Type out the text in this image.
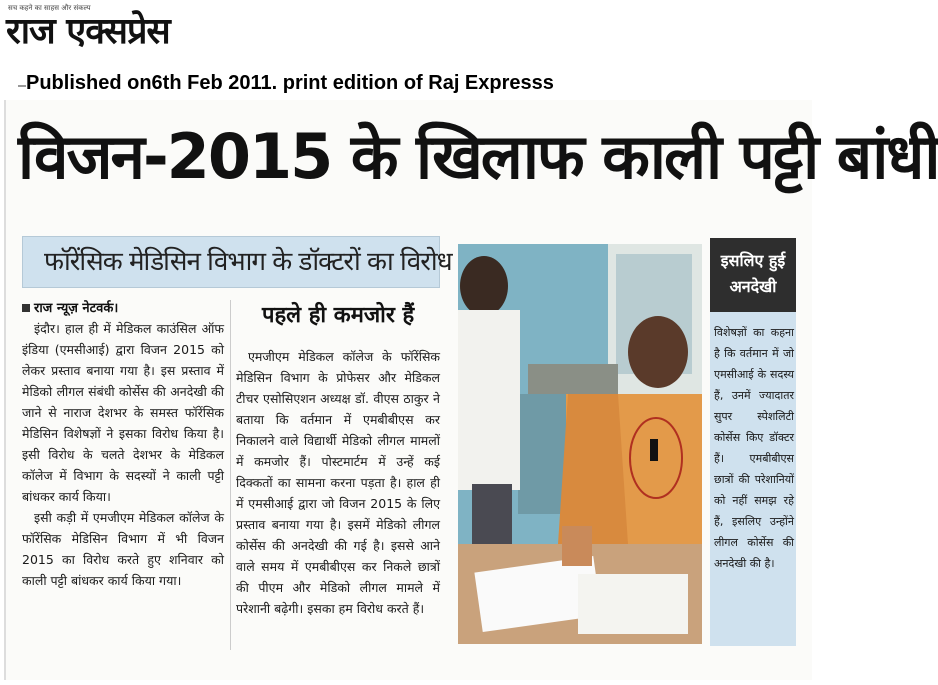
सच कहने का साहस और संकल्प
राज एक्सप्रेस
Published on6th Feb 2011. print edition of Raj Expresss
विजन-2015 के खिलाफ काली पट्टी बांधी
फॉरेंसिक मेडिसिन विभाग के डॉक्टरों का विरोध
राज न्यूज़ नेटवर्क।

इंदौर। हाल ही में मेडिकल काउंसिल ऑफ इंडिया (एमसीआई) द्वारा विजन 2015 को लेकर प्रस्ताव बनाया गया है। इस प्रस्ताव में मेडिको लीगल संबंधी कोर्सेस की अनदेखी की जाने से नाराज देशभर के समस्त फॉरेंसिक मेडिसिन विशेषज्ञों ने इसका विरोध किया है। इसी विरोध के चलते देशभर के मेडिकल कॉलेज में विभाग के सदस्यों ने काली पट्टी बांधकर कार्य किया।

इसी कड़ी में एमजीएम मेडिकल कॉलेज के फॉरेंसिक मेडिसिन विभाग में भी विजन 2015 का विरोध करते हुए शनिवार को काली पट्टी बांधकर कार्य किया गया।

पहले ही कमजोर हैं

एमजीएम मेडिकल कॉलेज के फॉरेंसिक मेडिसिन विभाग के प्रोफेसर और मेडिकल टीचर एसोसिएशन अध्यक्ष डॉ. वीएस ठाकुर ने बताया कि वर्तमान में एमबीबीएस कर निकालने वाले विद्यार्थी मेडिको लीगल मामलों में कमजोर हैं। पोस्टमार्टम में उन्हें कई दिक्कतों का सामना करना पड़ता है। हाल ही में एमसीआई द्वारा जो विजन 2015 के लिए प्रस्ताव बनाया गया है। इसमें मेडिको लीगल कोर्सेस की अनदेखी की गई है। इससे आने वाले समय में एमबीबीएस कर निकले छात्रों की पीएम और मेडिको लीगल मामले में परेशानी बढ़ेगी। इसका हम विरोध करते हैं।

इसलिए हुई
अनदेखी
विशेषज्ञों का कहना है कि वर्तमान में जो एमसीआई के सदस्य हैं, उनमें ज्यादातर सुपर स्पेशलिटी कोर्सेस किए डॉक्टर हैं। एमबीबीएस छात्रों की परेशानियों को नहीं समझ रहे हैं, इसलिए उन्होंने लीगल कोर्सेस की अनदेखी की है।
